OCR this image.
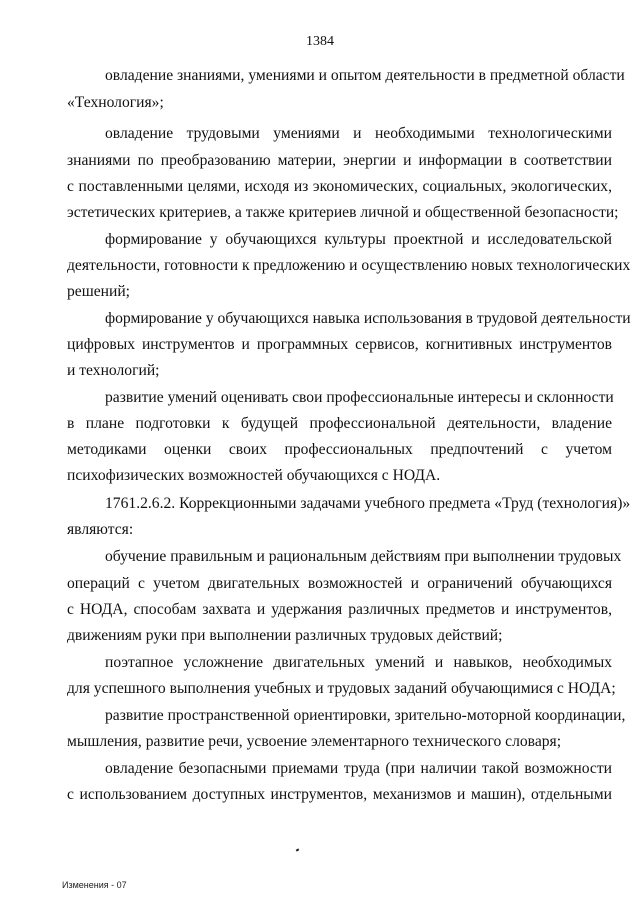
1384
овладение знаниями, умениями и опытом деятельности в предметной области
«Технология»;
овладение трудовыми умениями и необходимыми технологическими
знаниями по преобразованию материи, энергии и информации в соответствии
с поставленными целями, исходя из экономических, социальных, экологических,
эстетических критериев, а также критериев личной и общественной безопасности;
формирование у обучающихся культуры проектной и исследовательской
деятельности, готовности к предложению и осуществлению новых технологических
решений;
формирование у обучающихся навыка использования в трудовой деятельности
цифровых инструментов и программных сервисов, когнитивных инструментов
и технологий;
развитие умений оценивать свои профессиональные интересы и склонности
в плане подготовки к будущей профессиональной деятельности, владение
методиками оценки своих профессиональных предпочтений с учетом
психофизических возможностей обучающихся с НОДА.
1761.2.6.2. Коррекционными задачами учебного предмета «Труд (технология)»
являются:
обучение правильным и рациональным действиям при выполнении трудовых
операций с учетом двигательных возможностей и ограничений обучающихся
с НОДА, способам захвата и удержания различных предметов и инструментов,
движениям руки при выполнении различных трудовых действий;
поэтапное усложнение двигательных умений и навыков, необходимых
для успешного выполнения учебных и трудовых заданий обучающимися с НОДА;
развитие пространственной ориентировки, зрительно-моторной координации,
мышления, развитие речи, усвоение элементарного технического словаря;
овладение безопасными приемами труда (при наличии такой возможности
с использованием доступных инструментов, механизмов и машин), отдельными
Изменения - 07
